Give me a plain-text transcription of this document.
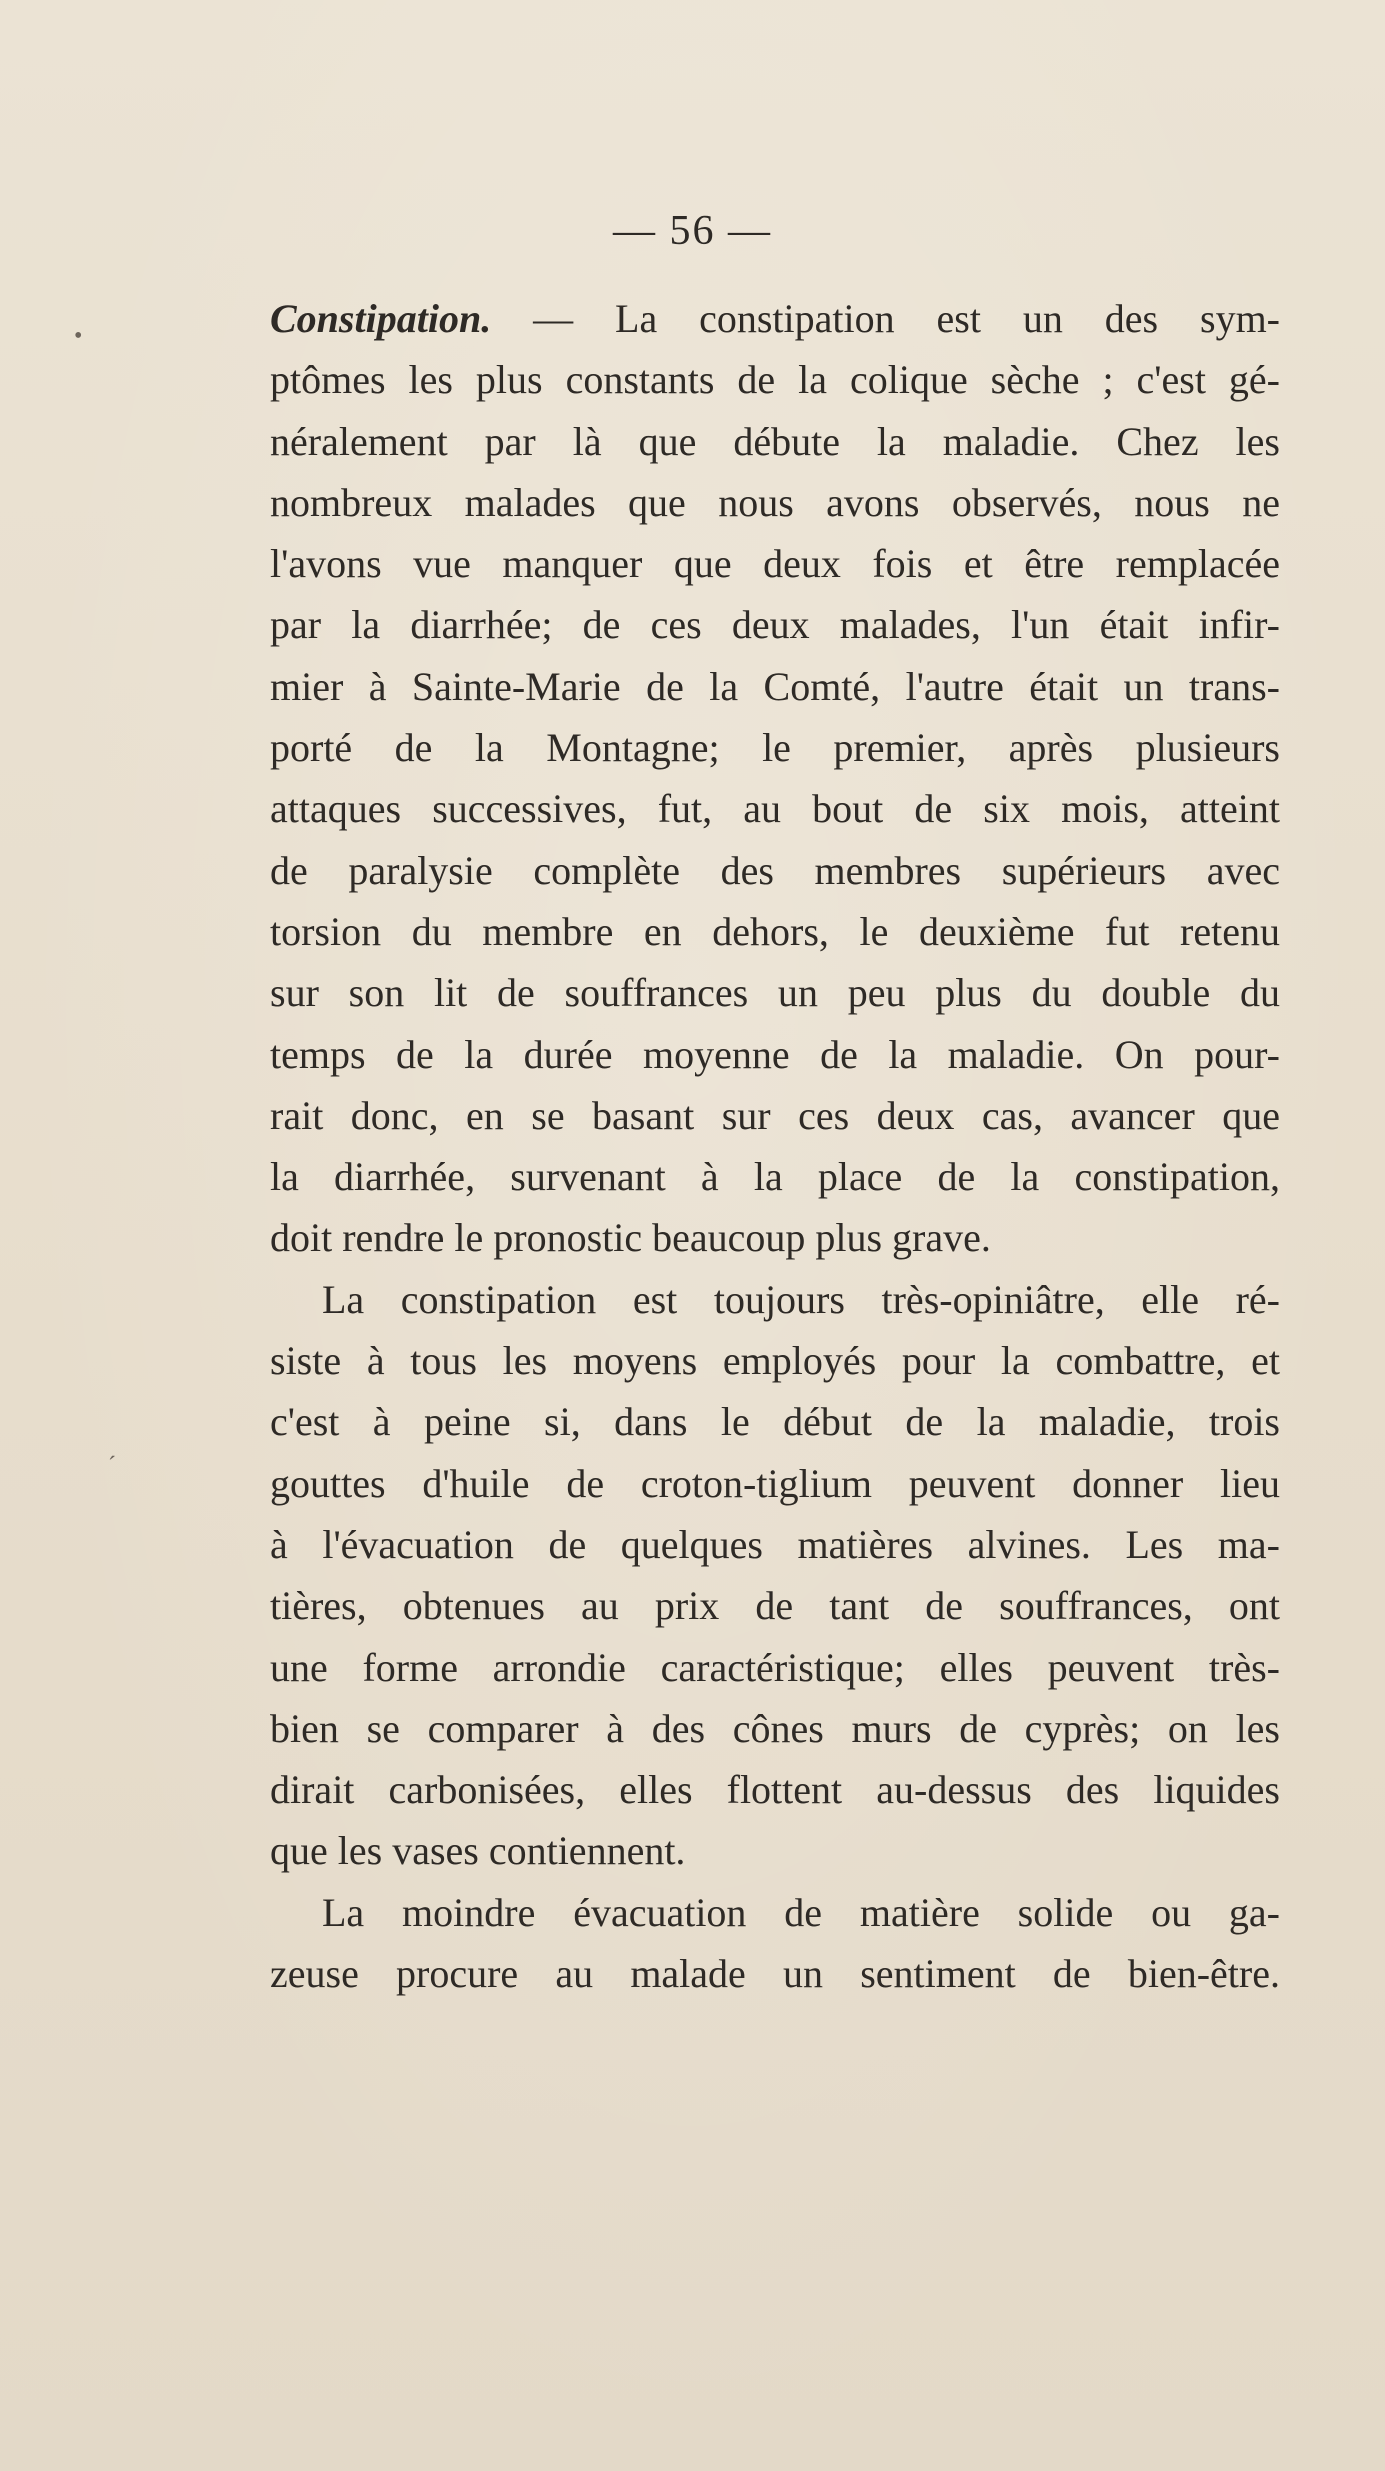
— 56 —
•
ˊ
Constipation. — La constipation est un des sym-
ptômes les plus constants de la colique sèche ; c'est gé-
néralement par là que débute la maladie. Chez les
nombreux malades que nous avons observés, nous ne
l'avons vue manquer que deux fois et être remplacée
par la diarrhée; de ces deux malades, l'un était infir-
mier à Sainte-Marie de la Comté, l'autre était un trans-
porté de la Montagne; le premier, après plusieurs
attaques successives, fut, au bout de six mois, atteint
de paralysie complète des membres supérieurs avec
torsion du membre en dehors, le deuxième fut retenu
sur son lit de souffrances un peu plus du double du
temps de la durée moyenne de la maladie. On pour-
rait donc, en se basant sur ces deux cas, avancer que
la diarrhée, survenant à la place de la constipation,
doit rendre le pronostic beaucoup plus grave.
La constipation est toujours très-opiniâtre, elle ré-
siste à tous les moyens employés pour la combattre, et
c'est à peine si, dans le début de la maladie, trois
gouttes d'huile de croton-tiglium peuvent donner lieu
à l'évacuation de quelques matières alvines. Les ma-
tières, obtenues au prix de tant de souffrances, ont
une forme arrondie caractéristique; elles peuvent très-
bien se comparer à des cônes murs de cyprès; on les
dirait carbonisées, elles flottent au-dessus des liquides
que les vases contiennent.
La moindre évacuation de matière solide ou ga-
zeuse procure au malade un sentiment de bien-être.
